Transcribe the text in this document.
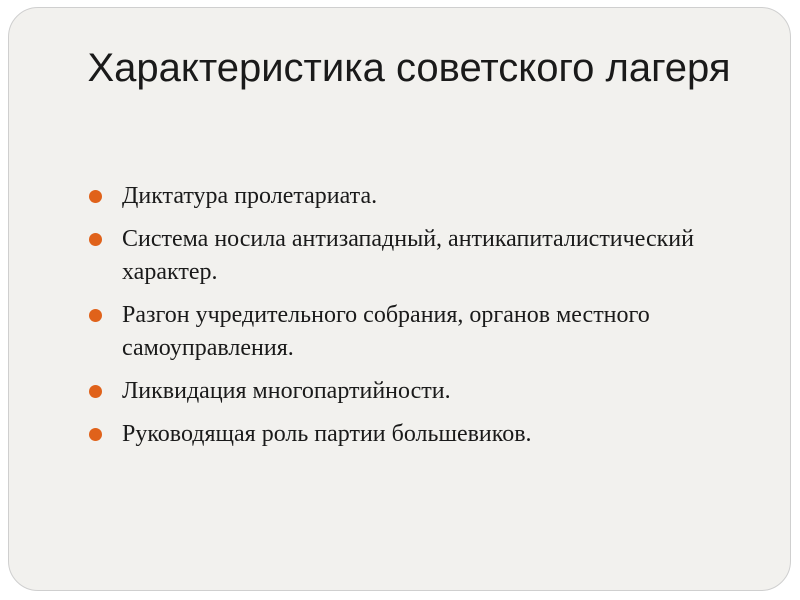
Характеристика советского лагеря
Диктатура пролетариата.
Система носила антизападный, антикапиталистический характер.
Разгон учредительного собрания, органов местного самоуправления.
Ликвидация многопартийности.
Руководящая роль партии большевиков.
